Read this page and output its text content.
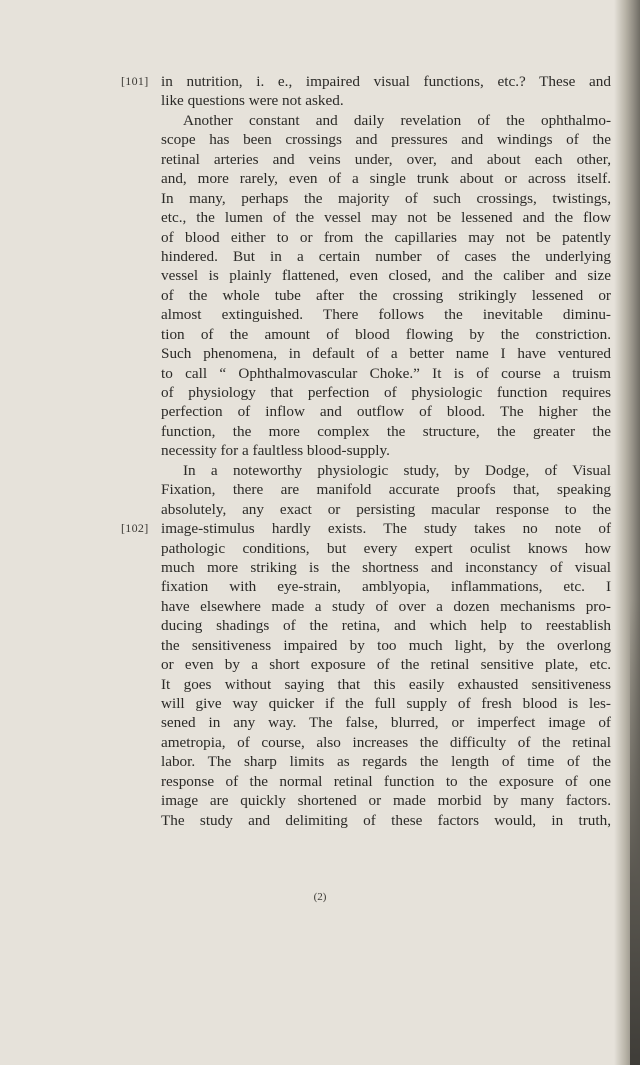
[101] in nutrition, i. e., impaired visual functions, etc.? These and
like questions were not asked.
Another constant and daily revelation of the ophthalmo-
scope has been crossings and pressures and windings of the
retinal arteries and veins under, over, and about each other,
and, more rarely, even of a single trunk about or across itself.
In many, perhaps the majority of such crossings, twistings,
etc., the lumen of the vessel may not be lessened and the flow
of blood either to or from the capillaries may not be patently
hindered. But in a certain number of cases the underlying
vessel is plainly flattened, even closed, and the caliber and size
of the whole tube after the crossing strikingly lessened or
almost extinguished. There follows the inevitable diminu-
tion of the amount of blood flowing by the constriction.
Such phenomena, in default of a better name I have ventured
to call “ Ophthalmovascular Choke.” It is of course a truism
of physiology that perfection of physiologic function requires
perfection of inflow and outflow of blood. The higher the
function, the more complex the structure, the greater the
necessity for a faultless blood-supply.
In a noteworthy physiologic study, by Dodge, of Visual
Fixation, there are manifold accurate proofs that, speaking
absolutely, any exact or persisting macular response to the
[102] image-stimulus hardly exists. The study takes no note of
pathologic conditions, but every expert oculist knows how
much more striking is the shortness and inconstancy of visual
fixation with eye-strain, amblyopia, inflammations, etc. I
have elsewhere made a study of over a dozen mechanisms pro-
ducing shadings of the retina, and which help to reestablish
the sensitiveness impaired by too much light, by the overlong
or even by a short exposure of the retinal sensitive plate, etc.
It goes without saying that this easily exhausted sensitiveness
will give way quicker if the full supply of fresh blood is les-
sened in any way. The false, blurred, or imperfect image of
ametropia, of course, also increases the difficulty of the retinal
labor. The sharp limits as regards the length of time of the
response of the normal retinal function to the exposure of one
image are quickly shortened or made morbid by many factors.
The study and delimiting of these factors would, in truth,
(2)
